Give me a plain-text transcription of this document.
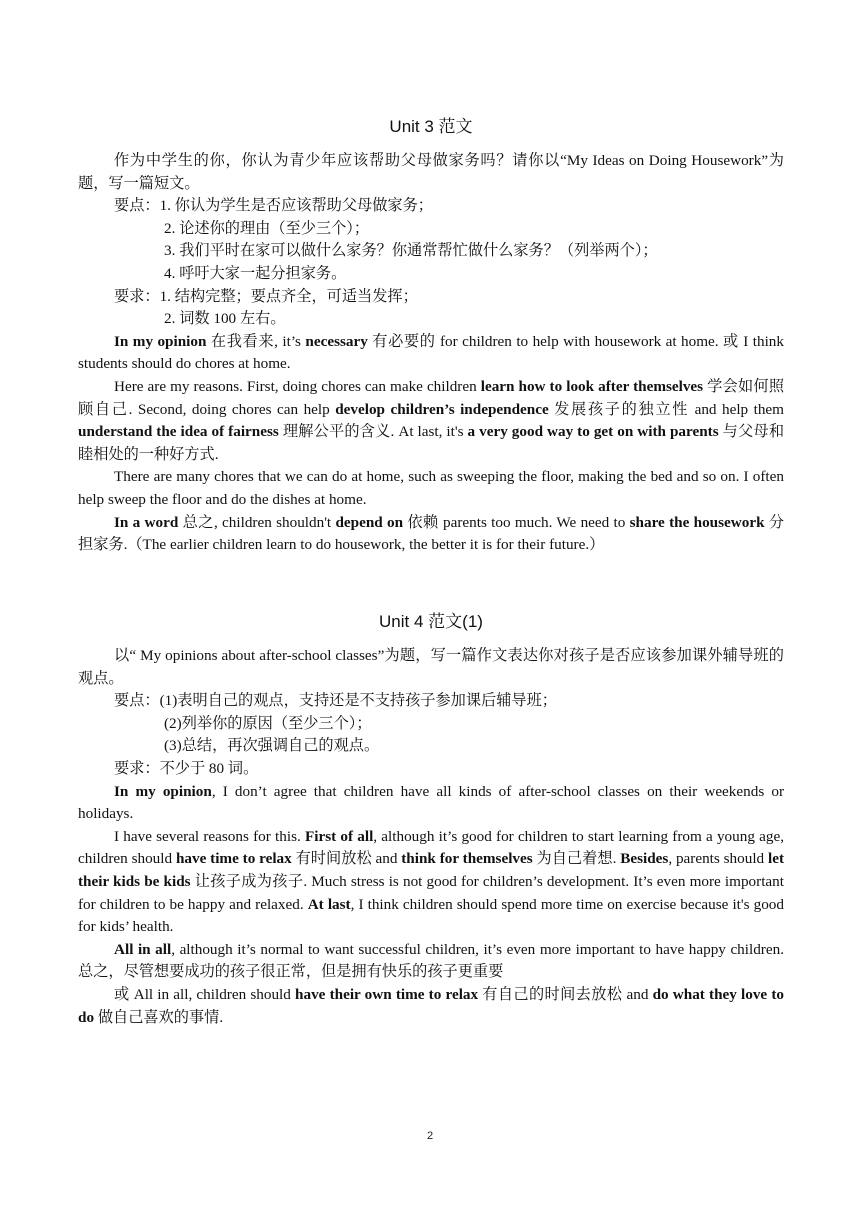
Unit 3 范文

作为中学生的你，你认为青少年应该帮助父母做家务吗？请你以“My Ideas on Doing Housework”为题，写一篇短文。

要点：1. 你认为学生是否应该帮助父母做家务；

2. 论述你的理由（至少三个）；

3. 我们平时在家可以做什么家务？你通常帮忙做什么家务？（列举两个）；

4. 呼吁大家一起分担家务。

要求：1. 结构完整；要点齐全，可适当发挥；

2. 词数 100 左右。

In my opinion 在我看来, it’s necessary 有必要的 for children to help with housework at home. 或 I think students should do chores at home.

Here are my reasons. First, doing chores can make children learn how to look after themselves 学会如何照顾自己. Second, doing chores can help develop children’s independence 发展孩子的独立性 and help them understand the idea of fairness 理解公平的含义. At last, it's a very good way to get on with parents 与父母和睦相处的一种好方式.

There are many chores that we can do at home, such as sweeping the floor, making the bed and so on. I often help sweep the floor and do the dishes at home.

In a word 总之, children shouldn't depend on 依赖 parents too much. We need to share the housework 分担家务.（The earlier children learn to do housework, the better it is for their future.）

Unit 4 范文(1)

以“ My opinions about after-school classes”为题，写一篇作文表达你对孩子是否应该参加课外辅导班的观点。

要点：(1)表明自己的观点，支持还是不支持孩子参加课后辅导班；

(2)列举你的原因（至少三个）；

(3)总结，再次强调自己的观点。

要求：不少于 80 词。

In my opinion, I don’t agree that children have all kinds of after-school classes on their weekends or holidays.

I have several reasons for this. First of all, although it’s good for children to start learning from a young age, children should have time to relax 有时间放松 and think for themselves 为自己着想. Besides, parents should let their kids be kids 让孩子成为孩子. Much stress is not good for children’s development. It’s even more important for children to be happy and relaxed. At last, I think children should spend more time on exercise because it's good for kids’ health.

All in all, although it’s normal to want successful children, it’s even more important to have happy children. 总之，尽管想要成功的孩子很正常，但是拥有快乐的孩子更重要

或 All in all, children should have their own time to relax 有自己的时间去放松 and do what they love to do 做自己喜欢的事情.

2
